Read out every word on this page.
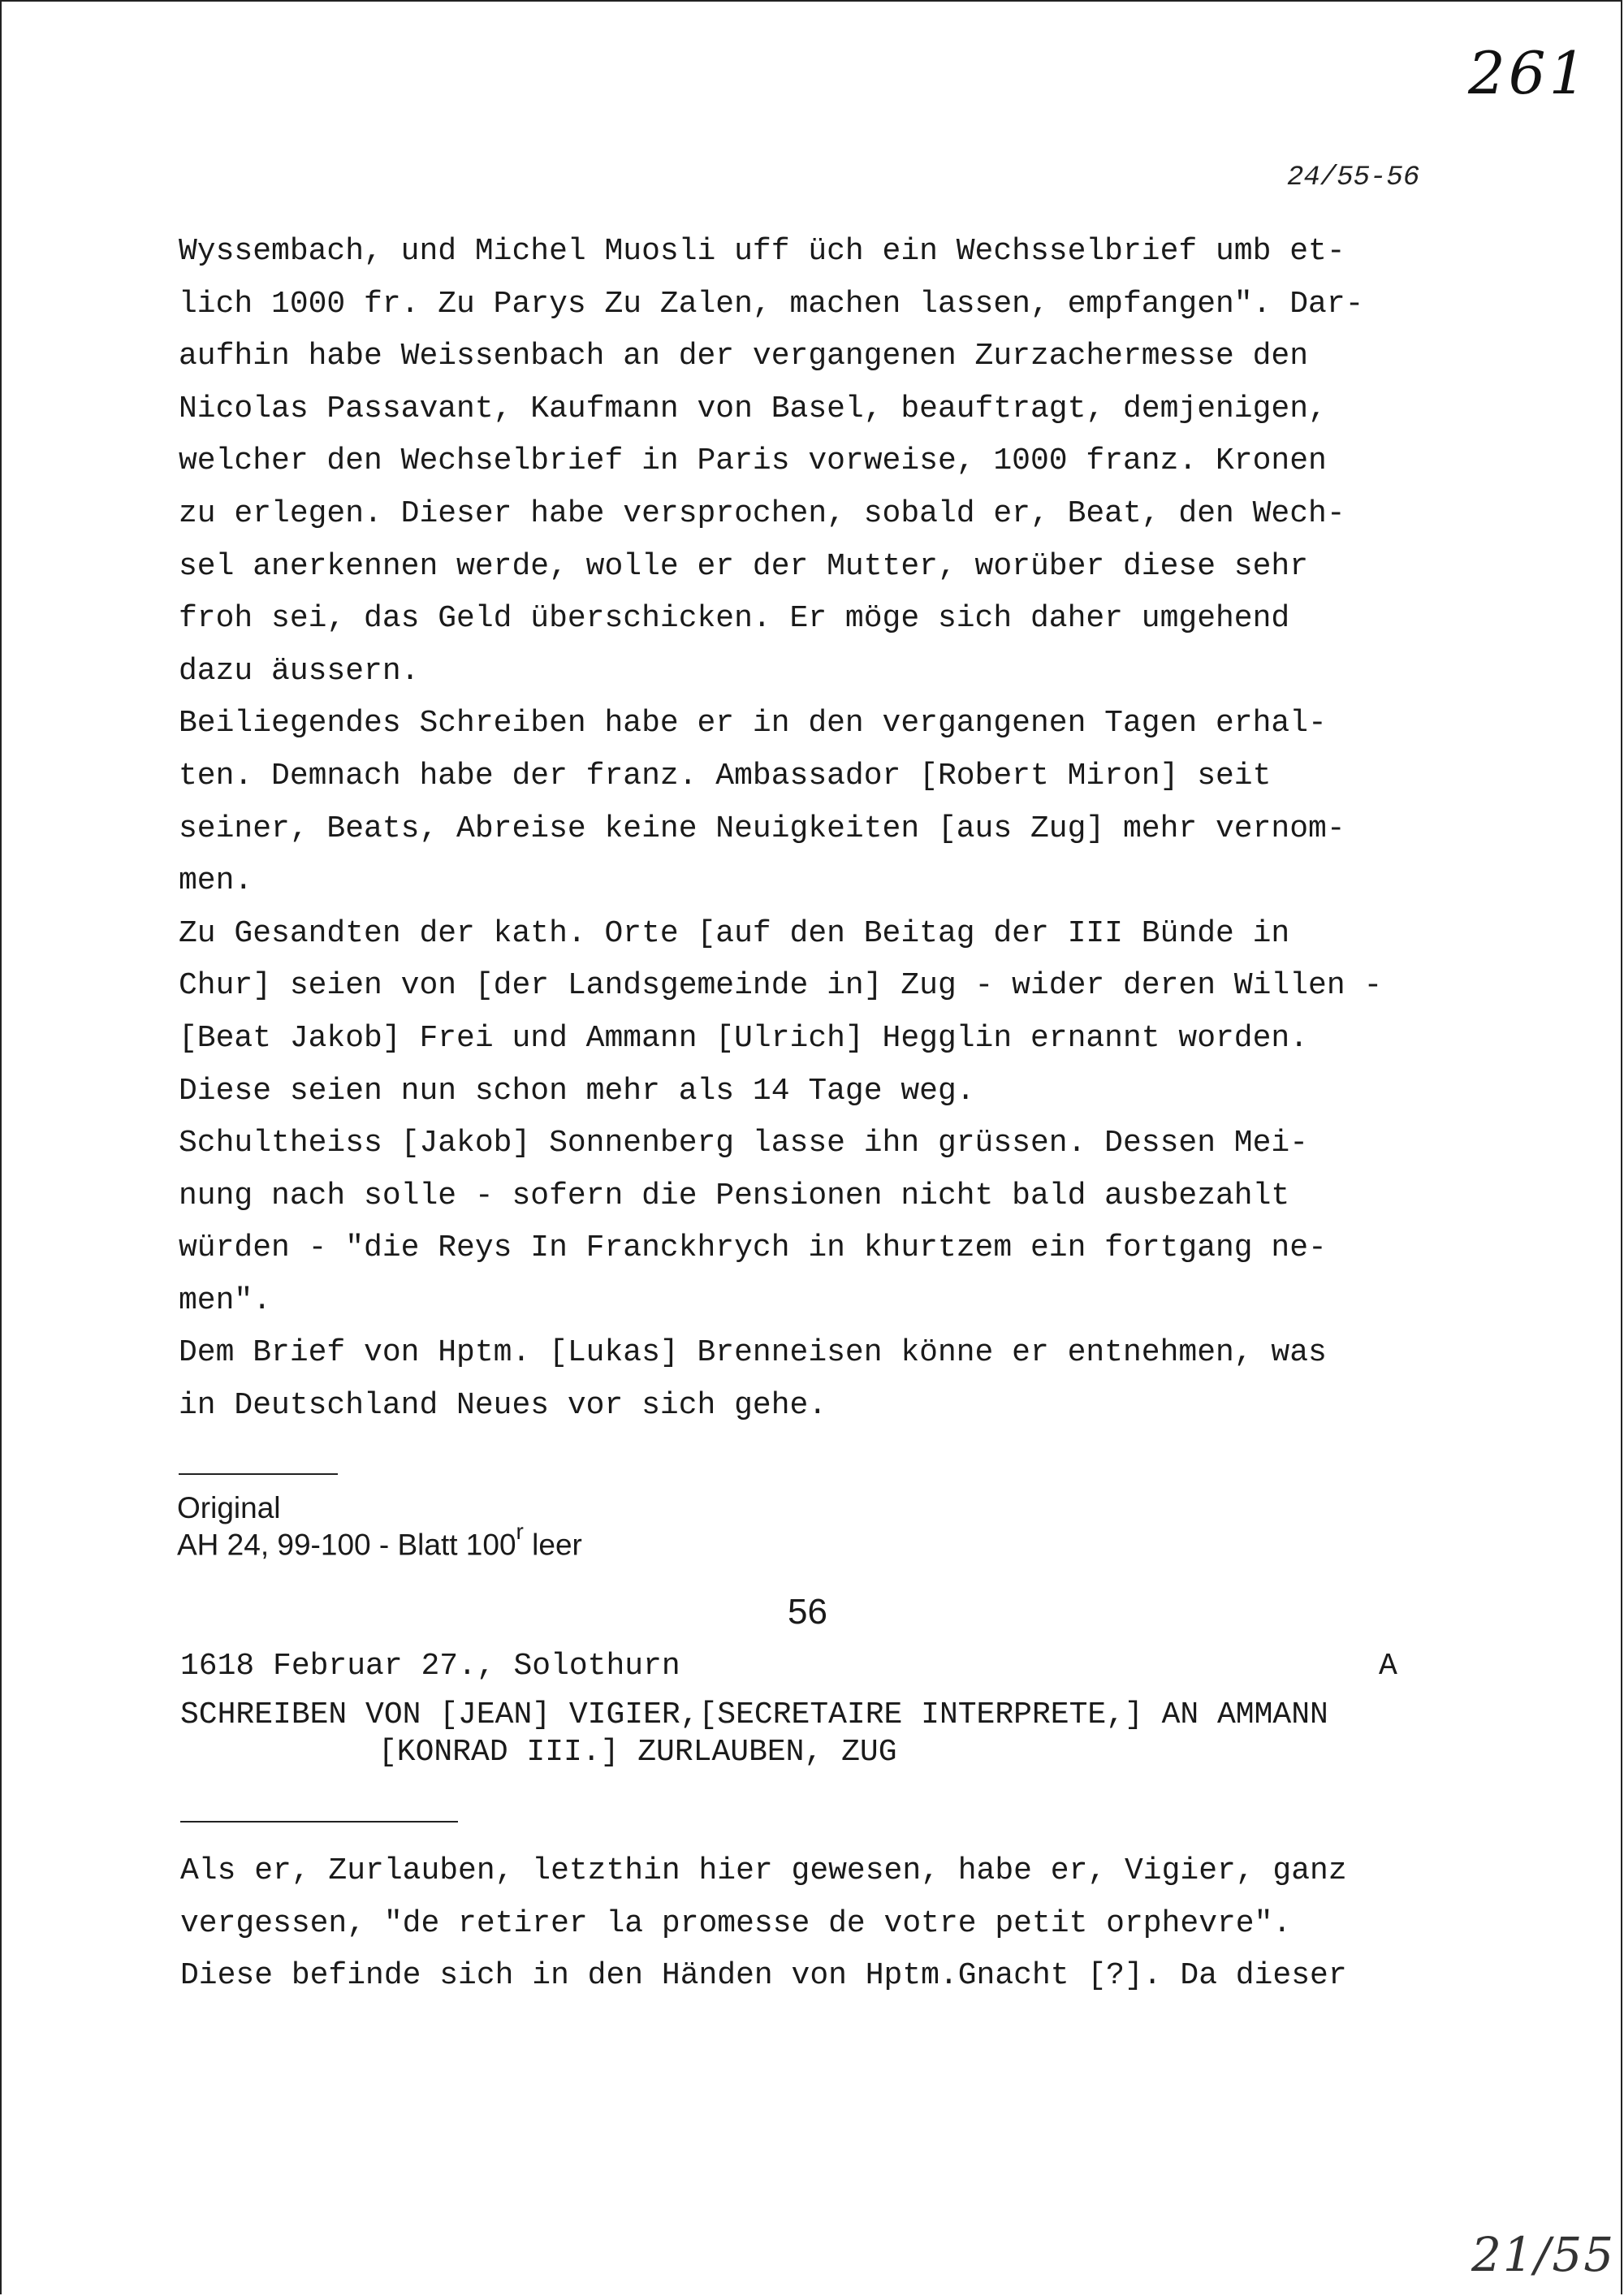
261
24/55-56
Wyssembach, und Michel Muosli uff üch ein Wechsselbrief umb et-
lich 1000 fr. Zu Parys Zu Zalen, machen lassen, empfangen". Dar-
aufhin habe Weissenbach an der vergangenen Zurzachermesse den
Nicolas Passavant, Kaufmann von Basel, beauftragt, demjenigen,
welcher den Wechselbrief in Paris vorweise, 1000 franz. Kronen
zu erlegen. Dieser habe versprochen, sobald er, Beat, den Wech-
sel anerkennen werde, wolle er der Mutter, worüber diese sehr
froh sei, das Geld überschicken. Er möge sich daher umgehend
dazu äussern.
Beiliegendes Schreiben habe er in den vergangenen Tagen erhal-
ten. Demnach habe der franz. Ambassador [Robert Miron] seit
seiner, Beats, Abreise keine Neuigkeiten [aus Zug] mehr vernom-
men.
Zu Gesandten der kath. Orte [auf den Beitag der III Bünde in
Chur] seien von [der Landsgemeinde in] Zug - wider deren Willen -
[Beat Jakob] Frei und Ammann [Ulrich] Hegglin ernannt worden.
Diese seien nun schon mehr als 14 Tage weg.
Schultheiss [Jakob] Sonnenberg lasse ihn grüssen. Dessen Mei-
nung nach solle - sofern die Pensionen nicht bald ausbezahlt
würden - "die Reys In Franckhrych in khurtzem ein fortgang ne-
men".
Dem Brief von Hptm. [Lukas] Brenneisen könne er entnehmen, was
in Deutschland Neues vor sich gehe.
Original
AH 24, 99-100 - Blatt 100$^r$ leer
56
1618 Februar 27., Solothurn	A
SCHREIBEN VON [JEAN] VIGIER,[SECRETAIRE INTERPRETE,] AN AMMANN
[KONRAD III.] ZURLAUBEN, ZUG
Als er, Zurlauben, letzthin hier gewesen, habe er, Vigier, ganz
vergessen, "de retirer la promesse de votre petit orphevre".
Diese befinde sich in den Händen von Hptm.Gnacht [?]. Da dieser
21/55
